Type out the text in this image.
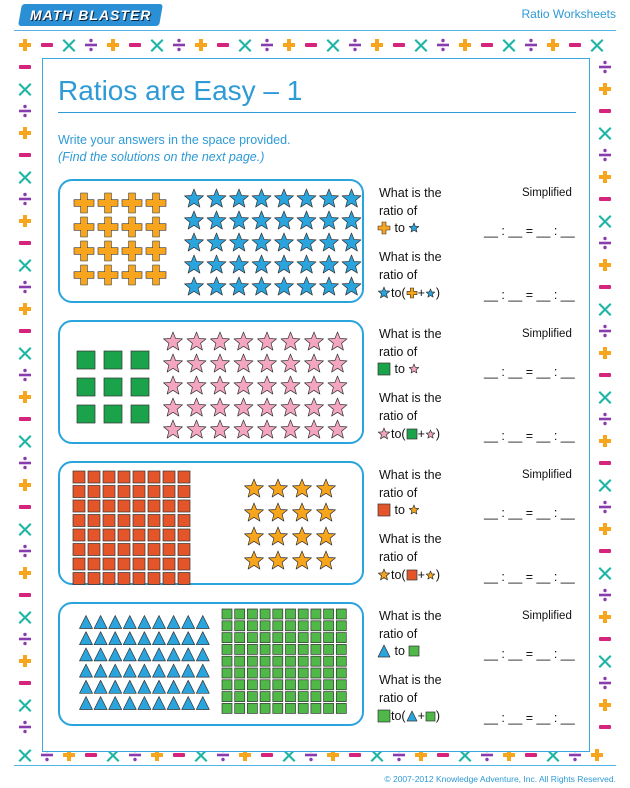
MATH BLASTER	Ratio Worksheets
Ratios are Easy – 1
Write your answers in the space provided.
(Find the solutions on the next page.)
What is the
ratio of
Simplified
to	__ : __ = __ : __
What is the
ratio of
to( + )	__ : __ = __ : __
What is the
ratio of
Simplified
to	__ : __ = __ : __
What is the
ratio of
to( + )	__ : __ = __ : __
What is the
ratio of
Simplified
to	__ : __ = __ : __
What is the
ratio of
to( + )	__ : __ = __ : __
What is the
ratio of
Simplified
to	__ : __ = __ : __
What is the
ratio of
to( + )	__ : __ = __ : __
© 2007-2012 Knowledge Adventure, Inc. All Rights Reserved.
